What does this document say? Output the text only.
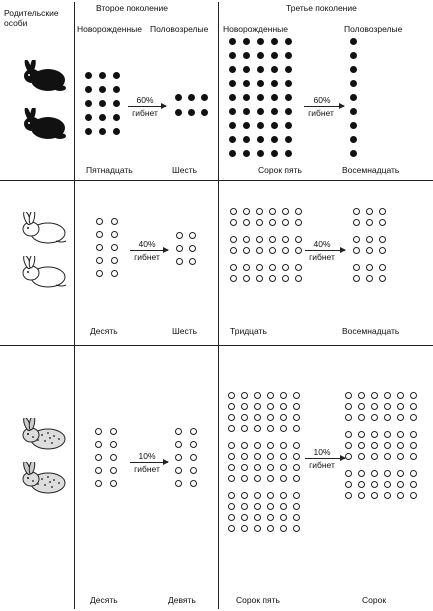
Родительские
особи
Второе поколение	Третье поколение
Новорожденные Половозрелые Новорожденные	Половозрелые
60%
гибнет
60%
гибнет
Пятнадцать	Шесть	Сорок пять	Восемнадцать
40%
гибнет
40%
гибнет
Десять	Шесть	Тридцать	Восемнадцать
10%
гибнет
10%
гибнет
Десять	Девять	Сорок пять	Сорок
